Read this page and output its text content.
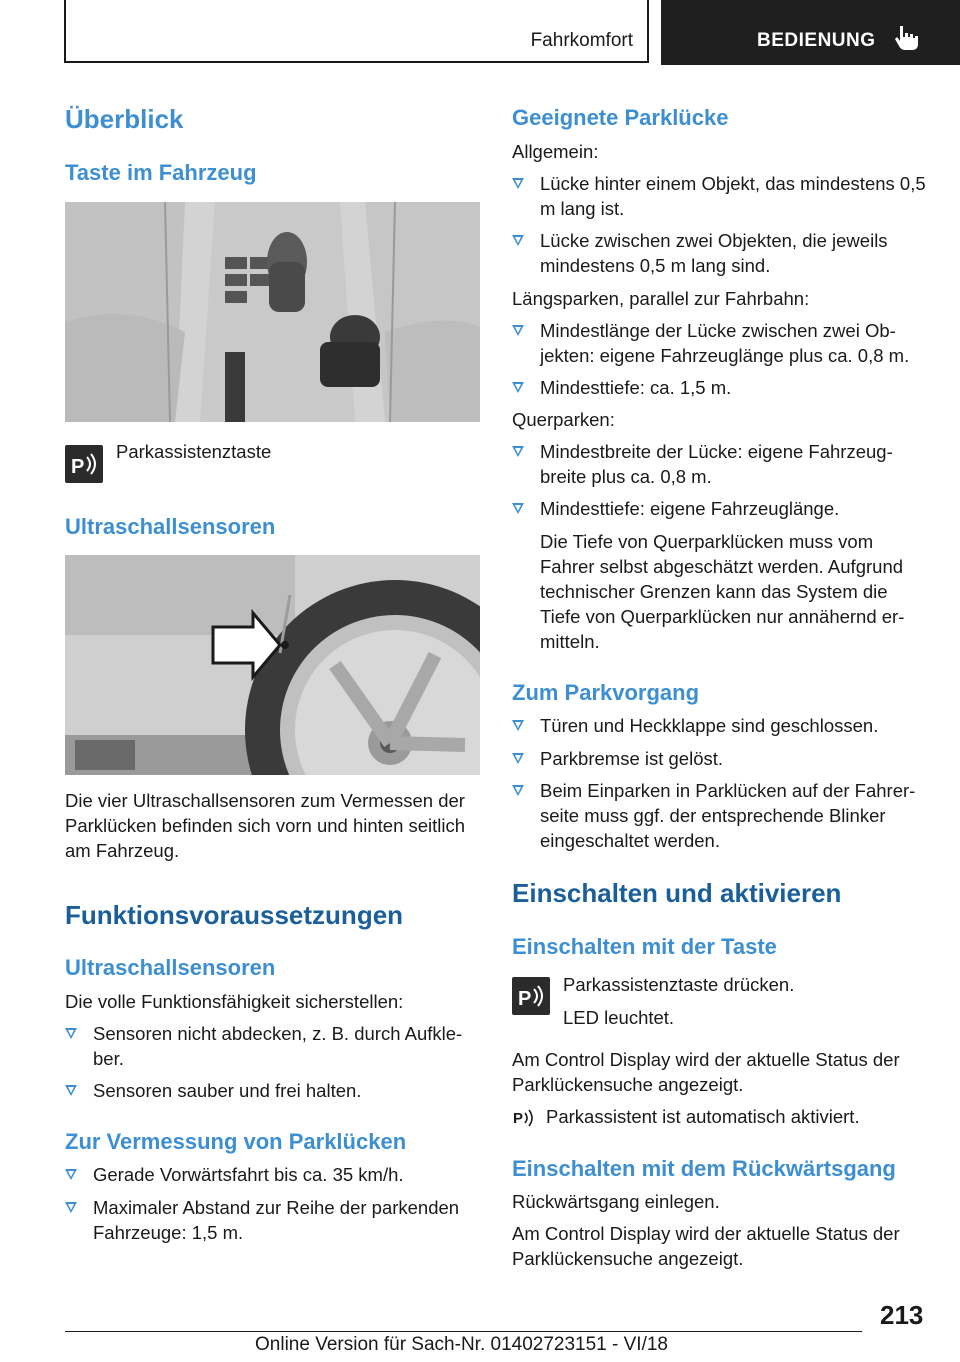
Fahrkomfort	BEDIENUNG
Überblick
Taste im Fahrzeug
P
Parkassistenztaste
Ultraschallsensoren
Die vier Ultraschallsensoren zum Vermessen der Parklücken befinden sich vorn und hinten seitlich am Fahrzeug.
Funktionsvoraussetzungen
Ultraschallsensoren
Die volle Funktionsfähigkeit sicherstellen:
Sensoren nicht abdecken, z. B. durch Aufkle-ber.
Sensoren sauber und frei halten.
Zur Vermessung von Parklücken
Gerade Vorwärtsfahrt bis ca. 35 km/h.
Maximaler Abstand zur Reihe der parkenden Fahrzeuge: 1,5 m.
Geeignete Parklücke
Allgemein:
Lücke hinter einem Objekt, das mindestens 0,5 m lang ist.
Lücke zwischen zwei Objekten, die jeweils mindestens 0,5 m lang sind.
Längsparken, parallel zur Fahrbahn:
Mindestlänge der Lücke zwischen zwei Ob-jekten: eigene Fahrzeuglänge plus ca. 0,8 m.
Mindesttiefe: ca. 1,5 m.
Querparken:
Mindestbreite der Lücke: eigene Fahrzeug-breite plus ca. 0,8 m.
Mindesttiefe: eigene Fahrzeuglänge.
Die Tiefe von Querparklücken muss vom Fahrer selbst abgeschätzt werden. Aufgrund technischer Grenzen kann das System die Tiefe von Querparklücken nur annähernd er-mitteln.
Zum Parkvorgang
Türen und Heckklappe sind geschlossen.
Parkbremse ist gelöst.
Beim Einparken in Parklücken auf der Fahrer-seite muss ggf. der entsprechende Blinker eingeschaltet werden.
Einschalten und aktivieren
Einschalten mit der Taste
P
Parkassistenztaste drücken.
LED leuchtet.
Am Control Display wird der aktuelle Status der Parklückensuche angezeigt.
P Parkassistent ist automatisch aktiviert.
Einschalten mit dem Rückwärtsgang
Rückwärtsgang einlegen.
Am Control Display wird der aktuelle Status der Parklückensuche angezeigt.
213
Online Version für Sach-Nr. 01402723151 - VI/18
